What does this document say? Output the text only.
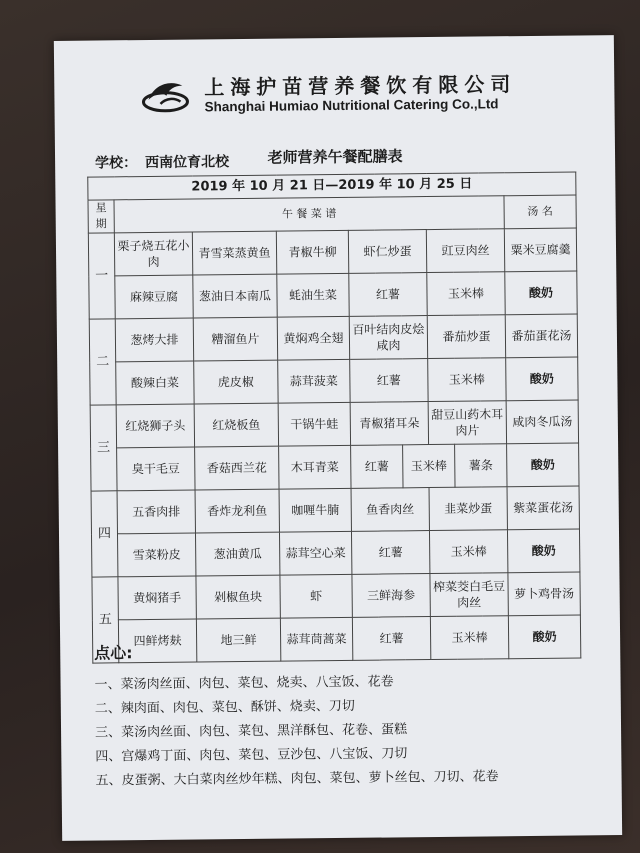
上海护苗营养餐饮有限公司
Shanghai Humiao Nutritional Catering Co.,Ltd
老师营养午餐配膳表
学校： 西南位育北校
2019 年 10 月 21 日—2019 年 10 月 25 日								
星期	午 餐 菜 谱							汤 名
一	栗子烧五花小肉	青雪菜蒸黄鱼	青椒牛柳	虾仁炒蛋		豇豆肉丝		粟米豆腐羹
	麻辣豆腐	葱油日本南瓜	蚝油生菜	红薯		玉米棒		酸奶
二	葱烤大排	糟溜鱼片	黄焖鸡全翅	百叶结肉皮烩咸肉		番茄炒蛋		番茄蛋花汤
	酸辣白菜	虎皮椒	蒜茸菠菜	红薯		玉米棒		酸奶
三	红烧狮子头	红烧板鱼	干锅牛蛙	青椒猪耳朵		甜豆山药木耳肉片		咸肉冬瓜汤
	臭干毛豆	香菇西兰花	木耳青菜	红薯	玉米棒		薯条	酸奶
四	五香肉排	香炸龙利鱼	咖喱牛腩	鱼香肉丝		韭菜炒蛋		紫菜蛋花汤
	雪菜粉皮	葱油黄瓜	蒜茸空心菜	红薯		玉米棒		酸奶
五	黄焖猪手	剁椒鱼块	虾	三鲜海参		榨菜茭白毛豆肉丝		萝卜鸡骨汤
	四鲜烤麸	地三鲜	蒜茸茼蒿菜	红薯		玉米棒		酸奶
点心:
一、菜汤肉丝面、肉包、菜包、烧卖、八宝饭、花卷
二、辣肉面、肉包、菜包、酥饼、烧卖、刀切
三、菜汤肉丝面、肉包、菜包、黑洋酥包、花卷、蛋糕
四、宫爆鸡丁面、肉包、菜包、豆沙包、八宝饭、刀切
五、皮蛋粥、大白菜肉丝炒年糕、肉包、菜包、萝卜丝包、刀切、花卷
